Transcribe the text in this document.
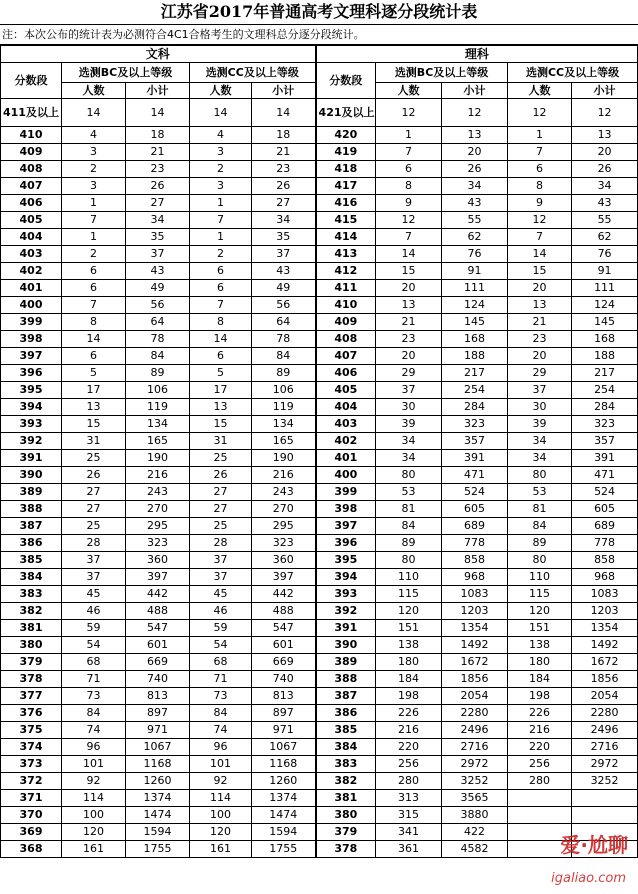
江苏省2017年普通高考文理科逐分段统计表
注：本次公布的统计表为必测符合4C1合格考生的文理科总分逐分段统计。
文科					理科				
分数段	选测BC及以上等级		选测CC及以上等级		分数段	选测BC及以上等级		选测CC及以上等级	
	人数	小计	人数	小计		人数	小计	人数	小计
411及以上	14	14	14	14	421及以上	12	12	12	12
410	4	18	4	18	420	1	13	1	13
409	3	21	3	21	419	7	20	7	20
408	2	23	2	23	418	6	26	6	26
407	3	26	3	26	417	8	34	8	34
406	1	27	1	27	416	9	43	9	43
405	7	34	7	34	415	12	55	12	55
404	1	35	1	35	414	7	62	7	62
403	2	37	2	37	413	14	76	14	76
402	6	43	6	43	412	15	91	15	91
401	6	49	6	49	411	20	111	20	111
400	7	56	7	56	410	13	124	13	124
399	8	64	8	64	409	21	145	21	145
398	14	78	14	78	408	23	168	23	168
397	6	84	6	84	407	20	188	20	188
396	5	89	5	89	406	29	217	29	217
395	17	106	17	106	405	37	254	37	254
394	13	119	13	119	404	30	284	30	284
393	15	134	15	134	403	39	323	39	323
392	31	165	31	165	402	34	357	34	357
391	25	190	25	190	401	34	391	34	391
390	26	216	26	216	400	80	471	80	471
389	27	243	27	243	399	53	524	53	524
388	27	270	27	270	398	81	605	81	605
387	25	295	25	295	397	84	689	84	689
386	28	323	28	323	396	89	778	89	778
385	37	360	37	360	395	80	858	80	858
384	37	397	37	397	394	110	968	110	968
383	45	442	45	442	393	115	1083	115	1083
382	46	488	46	488	392	120	1203	120	1203
381	59	547	59	547	391	151	1354	151	1354
380	54	601	54	601	390	138	1492	138	1492
379	68	669	68	669	389	180	1672	180	1672
378	71	740	71	740	388	184	1856	184	1856
377	73	813	73	813	387	198	2054	198	2054
376	84	897	84	897	386	226	2280	226	2280
375	74	971	74	971	385	216	2496	216	2496
374	96	1067	96	1067	384	220	2716	220	2716
373	101	1168	101	1168	383	256	2972	256	2972
372	92	1260	92	1260	382	280	3252	280	3252
371	114	1374	114	1374	381	313	3565		
370	100	1474	100	1474	380	315	3880		
369	120	1594	120	1594	379	341	422		
368	161	1755	161	1755	378	361	4582			爱·尬聊
igaliao.com
